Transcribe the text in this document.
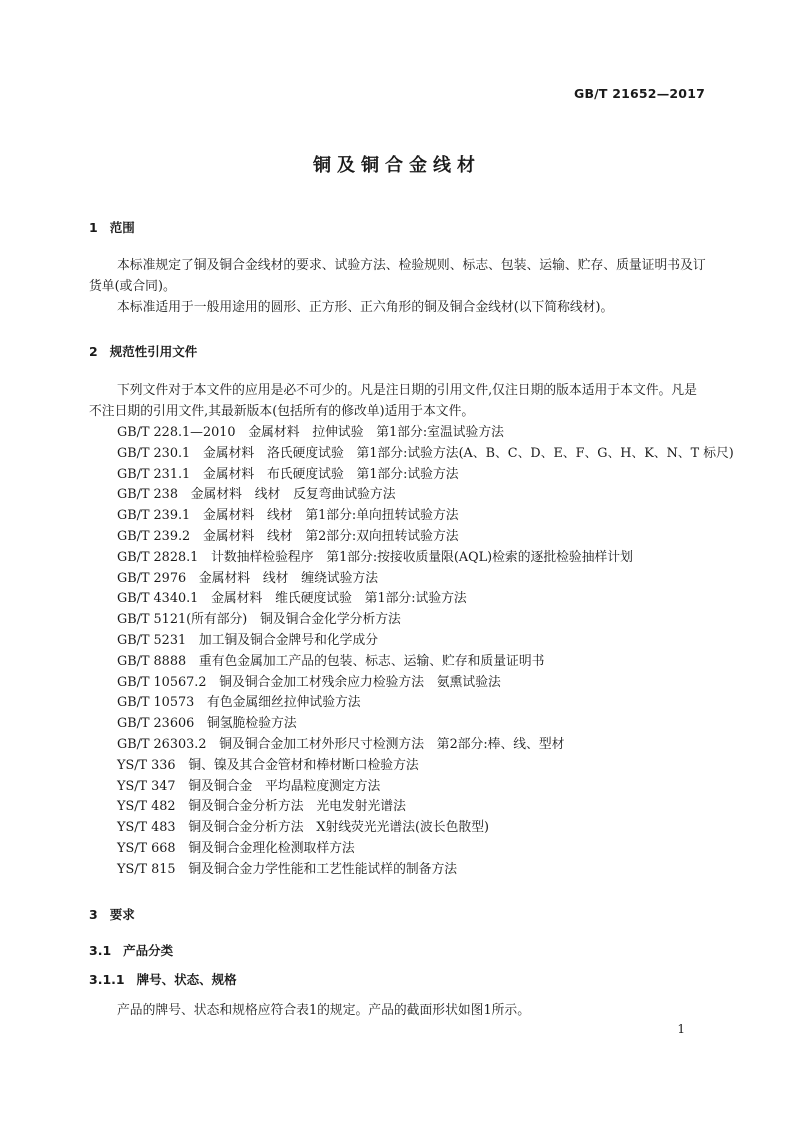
GB/T 21652—2017
铜及铜合金线材
1 范围

本标准规定了铜及铜合金线材的要求、试验方法、检验规则、标志、包装、运输、贮存、质量证明书及订货单(或合同)。

本标准适用于一般用途用的圆形、正方形、正六角形的铜及铜合金线材(以下简称线材)。

2 规范性引用文件

下列文件对于本文件的应用是必不可少的。凡是注日期的引用文件,仅注日期的版本适用于本文件。凡是不注日期的引用文件,其最新版本(包括所有的修改单)适用于本文件。

GB/T 228.1—2010　金属材料　拉伸试验　第1部分:室温试验方法
GB/T 230.1　金属材料　洛氏硬度试验　第1部分:试验方法(A、B、C、D、E、F、G、H、K、N、T 标尺)
GB/T 231.1　金属材料　布氏硬度试验　第1部分:试验方法
GB/T 238　金属材料　线材　反复弯曲试验方法
GB/T 239.1　金属材料　线材　第1部分:单向扭转试验方法
GB/T 239.2　金属材料　线材　第2部分:双向扭转试验方法
GB/T 2828.1　计数抽样检验程序　第1部分:按接收质量限(AQL)检索的逐批检验抽样计划
GB/T 2976　金属材料　线材　缠绕试验方法
GB/T 4340.1　金属材料　维氏硬度试验　第1部分:试验方法
GB/T 5121(所有部分)　铜及铜合金化学分析方法
GB/T 5231　加工铜及铜合金牌号和化学成分
GB/T 8888　重有色金属加工产品的包装、标志、运输、贮存和质量证明书
GB/T 10567.2　铜及铜合金加工材残余应力检验方法　氨熏试验法
GB/T 10573　有色金属细丝拉伸试验方法
GB/T 23606　铜氢脆检验方法
GB/T 26303.2　铜及铜合金加工材外形尺寸检测方法　第2部分:棒、线、型材
YS/T 336　铜、镍及其合金管材和棒材断口检验方法
YS/T 347　铜及铜合金　平均晶粒度测定方法
YS/T 482　铜及铜合金分析方法　光电发射光谱法
YS/T 483　铜及铜合金分析方法　X射线荧光光谱法(波长色散型)
YS/T 668　铜及铜合金理化检测取样方法
YS/T 815　铜及铜合金力学性能和工艺性能试样的制备方法
3 要求
3.1 产品分类
3.1.1 牌号、状态、规格

产品的牌号、状态和规格应符合表1的规定。产品的截面形状如图1所示。

1
